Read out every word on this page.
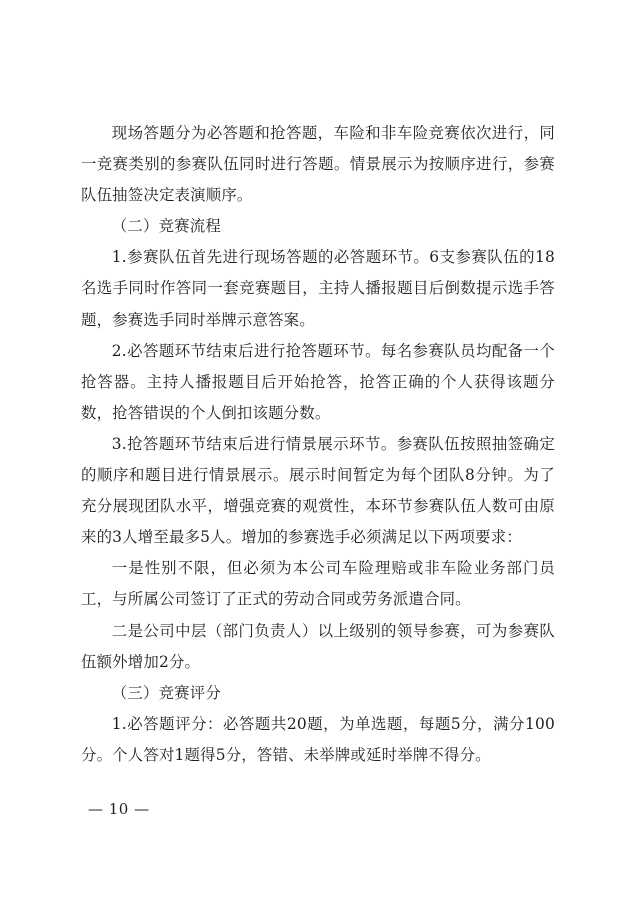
现场答题分为必答题和抢答题，车险和非车险竞赛依次进行，同一竞赛类别的参赛队伍同时进行答题。情景展示为按顺序进行，参赛队伍抽签决定表演顺序。

（二）竞赛流程

1.参赛队伍首先进行现场答题的必答题环节。6支参赛队伍的18名选手同时作答同一套竞赛题目，主持人播报题目后倒数提示选手答题，参赛选手同时举牌示意答案。

2.必答题环节结束后进行抢答题环节。每名参赛队员均配备一个抢答器。主持人播报题目后开始抢答，抢答正确的个人获得该题分数，抢答错误的个人倒扣该题分数。

3.抢答题环节结束后进行情景展示环节。参赛队伍按照抽签确定的顺序和题目进行情景展示。展示时间暂定为每个团队8分钟。为了充分展现团队水平，增强竞赛的观赏性，本环节参赛队伍人数可由原来的3人增至最多5人。增加的参赛选手必须满足以下两项要求：

一是性别不限，但必须为本公司车险理赔或非车险业务部门员工，与所属公司签订了正式的劳动合同或劳务派遣合同。

二是公司中层（部门负责人）以上级别的领导参赛，可为参赛队伍额外增加2分。

（三）竞赛评分

1.必答题评分：必答题共20题，为单选题，每题5分，满分100分。个人答对1题得5分，答错、未举牌或延时举牌不得分。

— 10 —
